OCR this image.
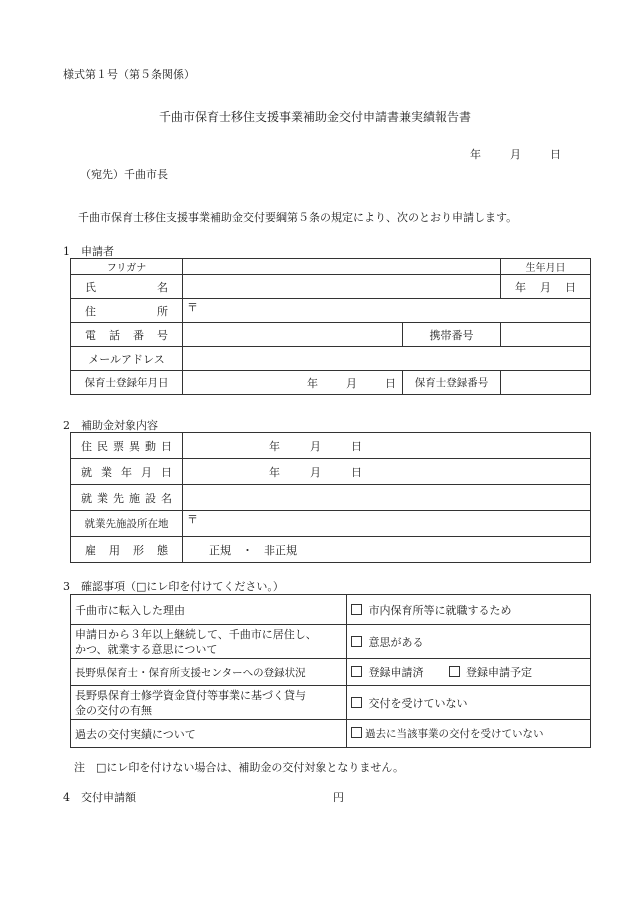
様式第１号（第５条関係）
千曲市保育士移住支援事業補助金交付申請書兼実績報告書
年	月	日
（宛先）千曲市長
千曲市保育士移住支援事業補助金交付要綱第５条の規定により、次のとおり申請します。
1　申請者
フリガナ			生年月日
氏　　名			年 月 日
住　　所	〒		
電話番号		携帯番号	
メールアドレス			
保育士登録年月日	年 月 日	保育士登録番号	
2　補助金対象内容
住民票異動日	年 月 日
就業年月日	年 月 日
就業先施設名	
就業先施設所在地	〒
雇用形態	正規　・　非正規
3　確認事項（□にレ印を付けてください。）
千曲市に転入した理由	市内保育所等に就職するため
申請日から３年以上継続して、千曲市に居住し、
かつ、就業する意思について	意思がある
長野県保育士・保育所支援センターへの登録状況	登録申請済 登録申請予定
長野県保育士修学資金貸付等事業に基づく貸与
金の交付の有無	交付を受けていない
過去の交付実績について	過去に当該事業の交付を受けていない
注　□にレ印を付けない場合は、補助金の交付対象となりません。
4　交付申請額	円
